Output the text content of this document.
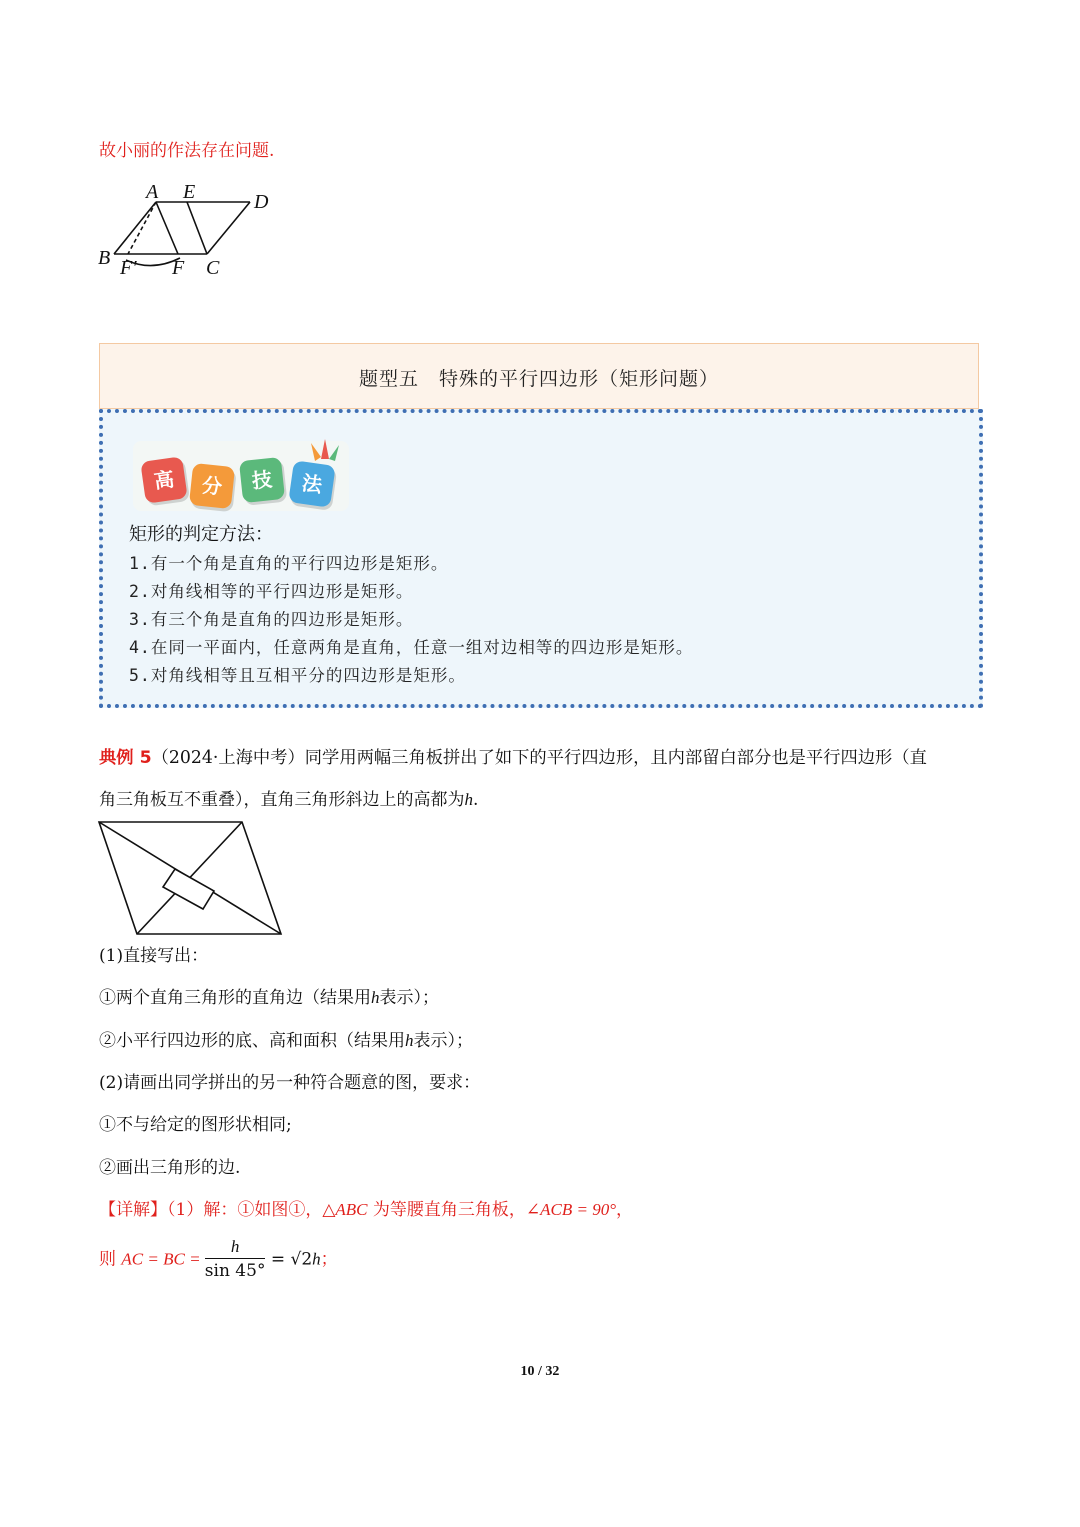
故小丽的作法存在问题.
A E	D
B F′ F C
题型五　特殊的平行四边形（矩形问题）
高	分	技	法
矩形的判定方法：
1.有一个角是直角的平行四边形是矩形。
2.对角线相等的平行四边形是矩形。
3.有三个角是直角的四边形是矩形。
4.在同一平面内，任意两角是直角，任意一组对边相等的四边形是矩形。
5.对角线相等且互相平分的四边形是矩形。
典例 5（2024·上海中考）同学用两幅三角板拼出了如下的平行四边形，且内部留白部分也是平行四边形（直
角三角板互不重叠），直角三角形斜边上的高都为h.
(1)直接写出：
①两个直角三角形的直角边（结果用h表示）；
②小平行四边形的底、高和面积（结果用h表示）；
(2)请画出同学拼出的另一种符合题意的图，要求：
①不与给定的图形状相同;
②画出三角形的边.
【详解】（1）解：①如图①，△ABC 为等腰直角三角板，∠ACB = 90°，
则 AC = BC = $\frac{h}{\sin 45^\circ} = √2h$；
10 / 32
